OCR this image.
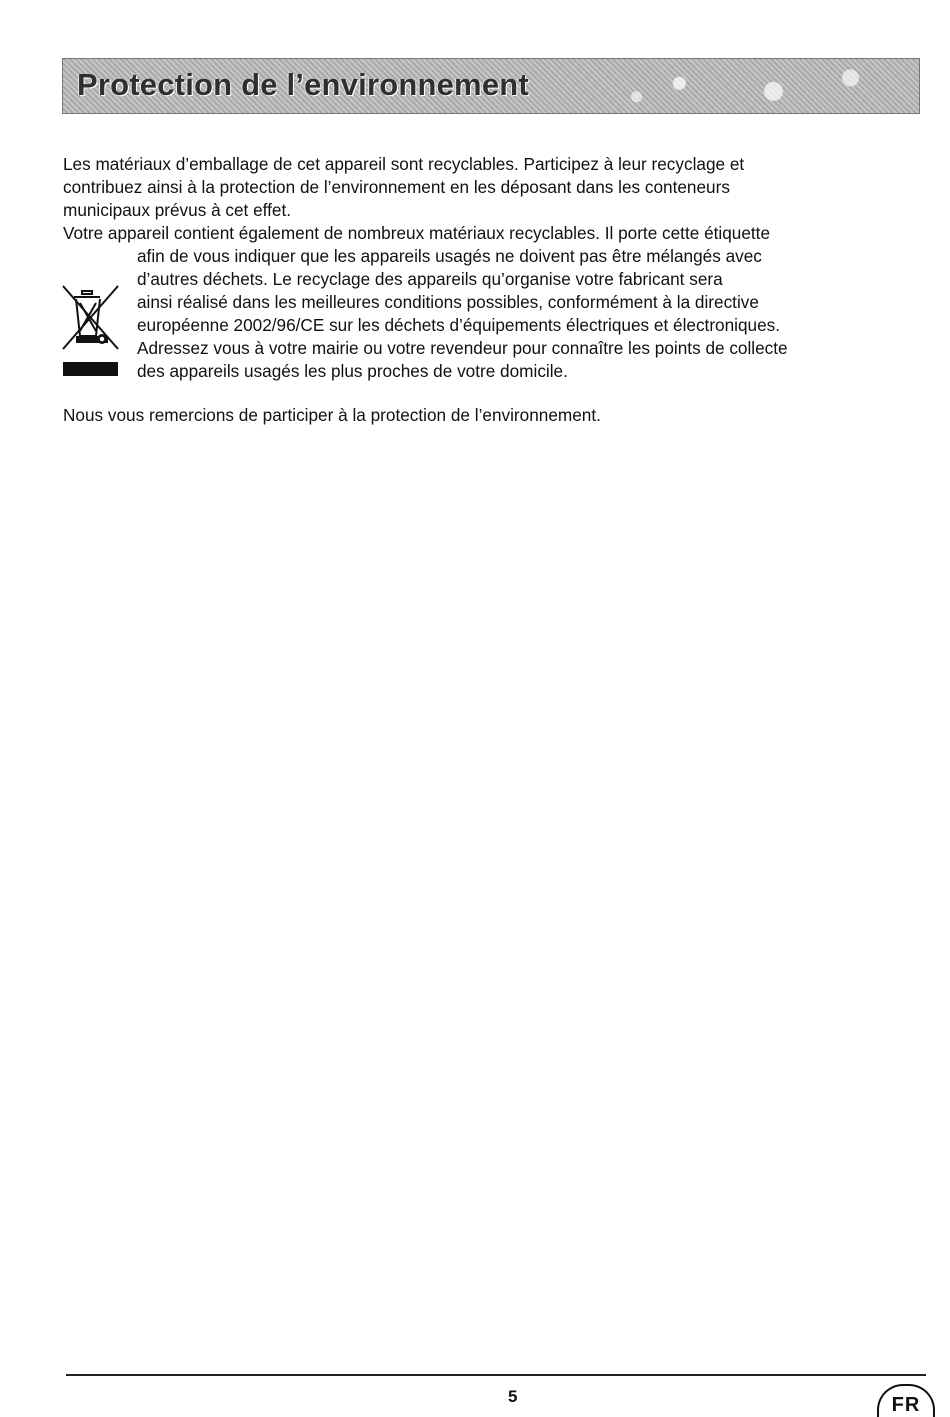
Protection de l’environnement
Les matériaux d’emballage de cet appareil sont recyclables. Participez à leur recyclage et
contribuez ainsi à la protection de l’environnement en les déposant dans les conteneurs
municipaux prévus à cet effet.
Votre appareil contient également de nombreux matériaux recyclables. Il porte cette étiquette
afin de vous indiquer que les appareils usagés ne doivent pas être mélangés avec
d’autres déchets. Le recyclage des appareils qu’organise votre fabricant sera
ainsi réalisé dans les meilleures conditions possibles, conformément à la directive
européenne 2002/96/CE sur les déchets d’équipements électriques et électroniques.
Adressez vous à votre mairie ou votre revendeur pour connaître les points de collecte
des appareils usagés les plus proches de votre domicile.
Nous vous remercions de participer à la protection de l’environnement.
5	FR
